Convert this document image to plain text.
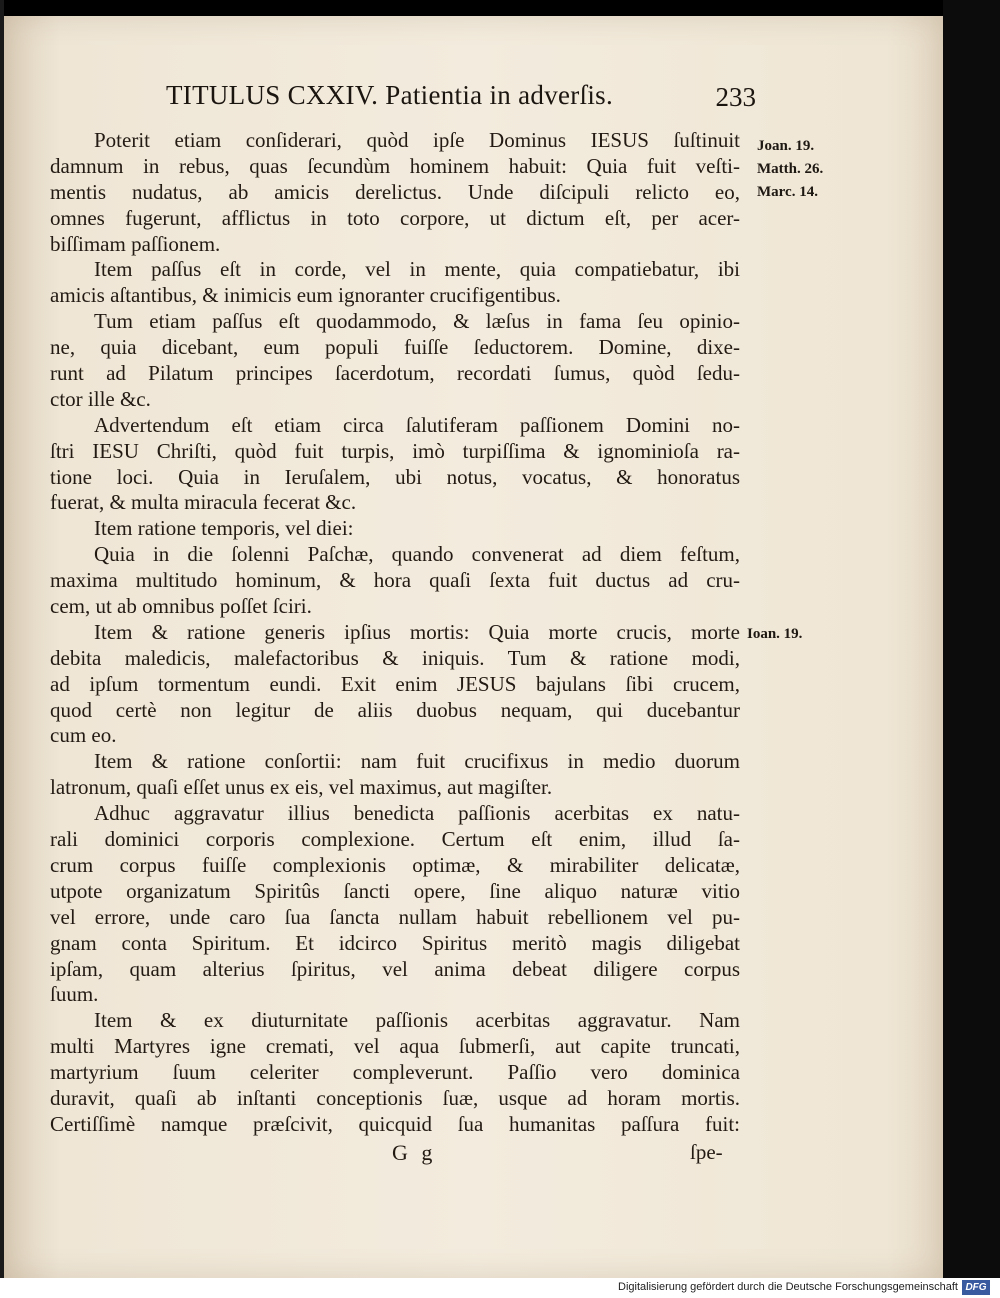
TITULUS CXXIV. Patientia in adverſis.	233
Poterit etiam conſiderari, quòd ipſe Dominus IESUS ſuſtinuit
damnum in rebus, quas ſecundùm hominem habuit: Quia fuit veſti-
mentis nudatus, ab amicis derelictus. Unde diſcipuli relicto eo,
omnes fugerunt, afflictus in toto corpore, ut dictum eſt, per acer-
biſſimam paſſionem.
Item paſſus eſt in corde, vel in mente, quia compatiebatur, ibi
amicis aſtantibus, & inimicis eum ignoranter crucifigentibus.
Tum etiam paſſus eſt quodammodo, & læſus in fama ſeu opinio-
ne, quia dicebant, eum populi fuiſſe ſeductorem. Domine, dixe-
runt ad Pilatum principes ſacerdotum, recordati ſumus, quòd ſedu-
ctor ille &c.
Advertendum eſt etiam circa ſalutiferam paſſionem Domini no-
ſtri IESU Chriſti, quòd fuit turpis, imò turpiſſima & ignominioſa ra-
tione loci. Quia in Ieruſalem, ubi notus, vocatus, & honoratus
fuerat, & multa miracula fecerat &c.
Item ratione temporis, vel diei:
Quia in die ſolenni Paſchæ, quando convenerat ad diem feſtum,
maxima multitudo hominum, & hora quaſi ſexta fuit ductus ad cru-
cem, ut ab omnibus poſſet ſciri.
Item & ratione generis ipſius mortis: Quia morte crucis, morte
debita maledicis, malefactoribus & iniquis. Tum & ratione modi,
ad ipſum tormentum eundi. Exit enim JESUS bajulans ſibi crucem,
quod certè non legitur de aliis duobus nequam, qui ducebantur
cum eo.
Item & ratione conſortii: nam fuit crucifixus in medio duorum
latronum, quaſi eſſet unus ex eis, vel maximus, aut magiſter.
Adhuc aggravatur illius benedicta paſſionis acerbitas ex natu-
rali dominici corporis complexione. Certum eſt enim, illud ſa-
crum corpus fuiſſe complexionis optimæ, & mirabiliter delicatæ,
utpote organizatum Spiritûs ſancti opere, ſine aliquo naturæ vitio
vel errore, unde caro ſua ſancta nullam habuit rebellionem vel pu-
gnam conta Spiritum. Et idcirco Spiritus meritò magis diligebat
ipſam, quam alterius ſpiritus, vel anima debeat diligere corpus
ſuum.
Item & ex diuturnitate paſſionis acerbitas aggravatur. Nam
multi Martyres igne cremati, vel aqua ſubmerſi, aut capite truncati,
martyrium ſuum celeriter compleverunt. Paſſio vero dominica
duravit, quaſi ab inſtanti conceptionis ſuæ, usque ad horam mortis.
Certiſſimè namque præſcivit, quicquid ſua humanitas paſſura fuit:
Joan. 19.
Matth. 26.
Marc. 14.
Ioan. 19.
G g	ſpe-
Digitalisierung gefördert durch die Deutsche Forschungsgemeinschaft DFG
